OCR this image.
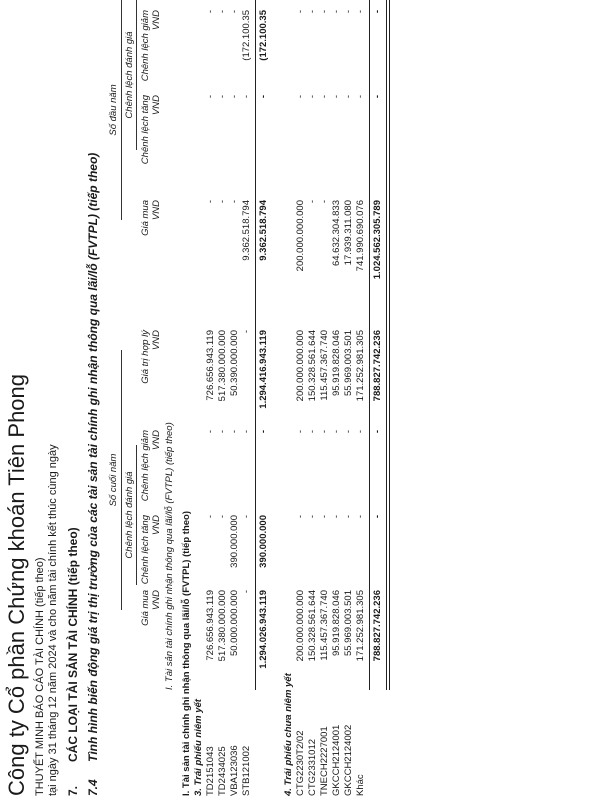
Công ty Cổ phần Chứng khoán Tiên Phong THUYẾT MINH BÁO CÁO TÀI CHÍNH (tiếp theo) tại ngày 31 tháng 12 năm 2024 và cho năm tài chính kết thúc cùng ngày 7.
CÁC LOẠI TÀI SẢN TÀI CHÍNH (tiếp theo)
7.4
Tình hình biến động giá trị thị trường của các tài sản tài chính ghi nhận thông qua lãi/lỗ (FVTPL) (tiếp theo) Số cuối năm Chênh lệch đánh giá
Số đầu năm Chênh lệch đánh giá
Giá mua VND
Chênh lệch tăng VND
Chênh lệch giảm VND
Giá trị hợp lý VND
Giá mua VND
Chênh lệch tăng VND
Chênh lệch giảm VND
I. Tài sản tài chính ghi nhận thông qua lãi/lỗ (FVTPL) (tiếp theo) I. Tài sản tài chính ghi nhận thông qua lãi/lỗ (FVTPL) (tiếp theo) 3. Trái phiếu niêm yết TD2151043
726.656.943.119
-
-
726.656.943.119
-
-
-
TD2434025
517.380.000.000
-
-
517.380.000.000
-
-
-
VBA123036
50.000.000.000
390.000.000
-
50.390.000.000
-
-
-
STB121002
-
-
-
-
9.362.518.794
-
(172.100.35
1.294.026.943.119
390.000.000
-
1.294.416.943.119
9.362.518.794
-
(172.100.35
4. Trái phiếu chưa niêm yết CTG2230T2/02
200.000.000.000
-
-
200.000.000.000
200.000.000.000
-
-
CTG2331012
150.328.561.644
-
-
150.328.561.644
-
-
-
TNECH2227001
115.457.367.740
-
-
115.457.367.740
-
-
-
GKCCH2124001
95.919.828.046
-
-
95.919.828.046
64.632.304.833
-
-
GKCCH2124002
55.969.003.501
-
-
55.969.003.501
17.939.311.080
-
-
Khác
171.252.981.305
-
-
171.252.981.305
741.990.690.076
-
-
788.827.742.236
-
-
788.827.742.236
1.024.562.305.789
-
-
